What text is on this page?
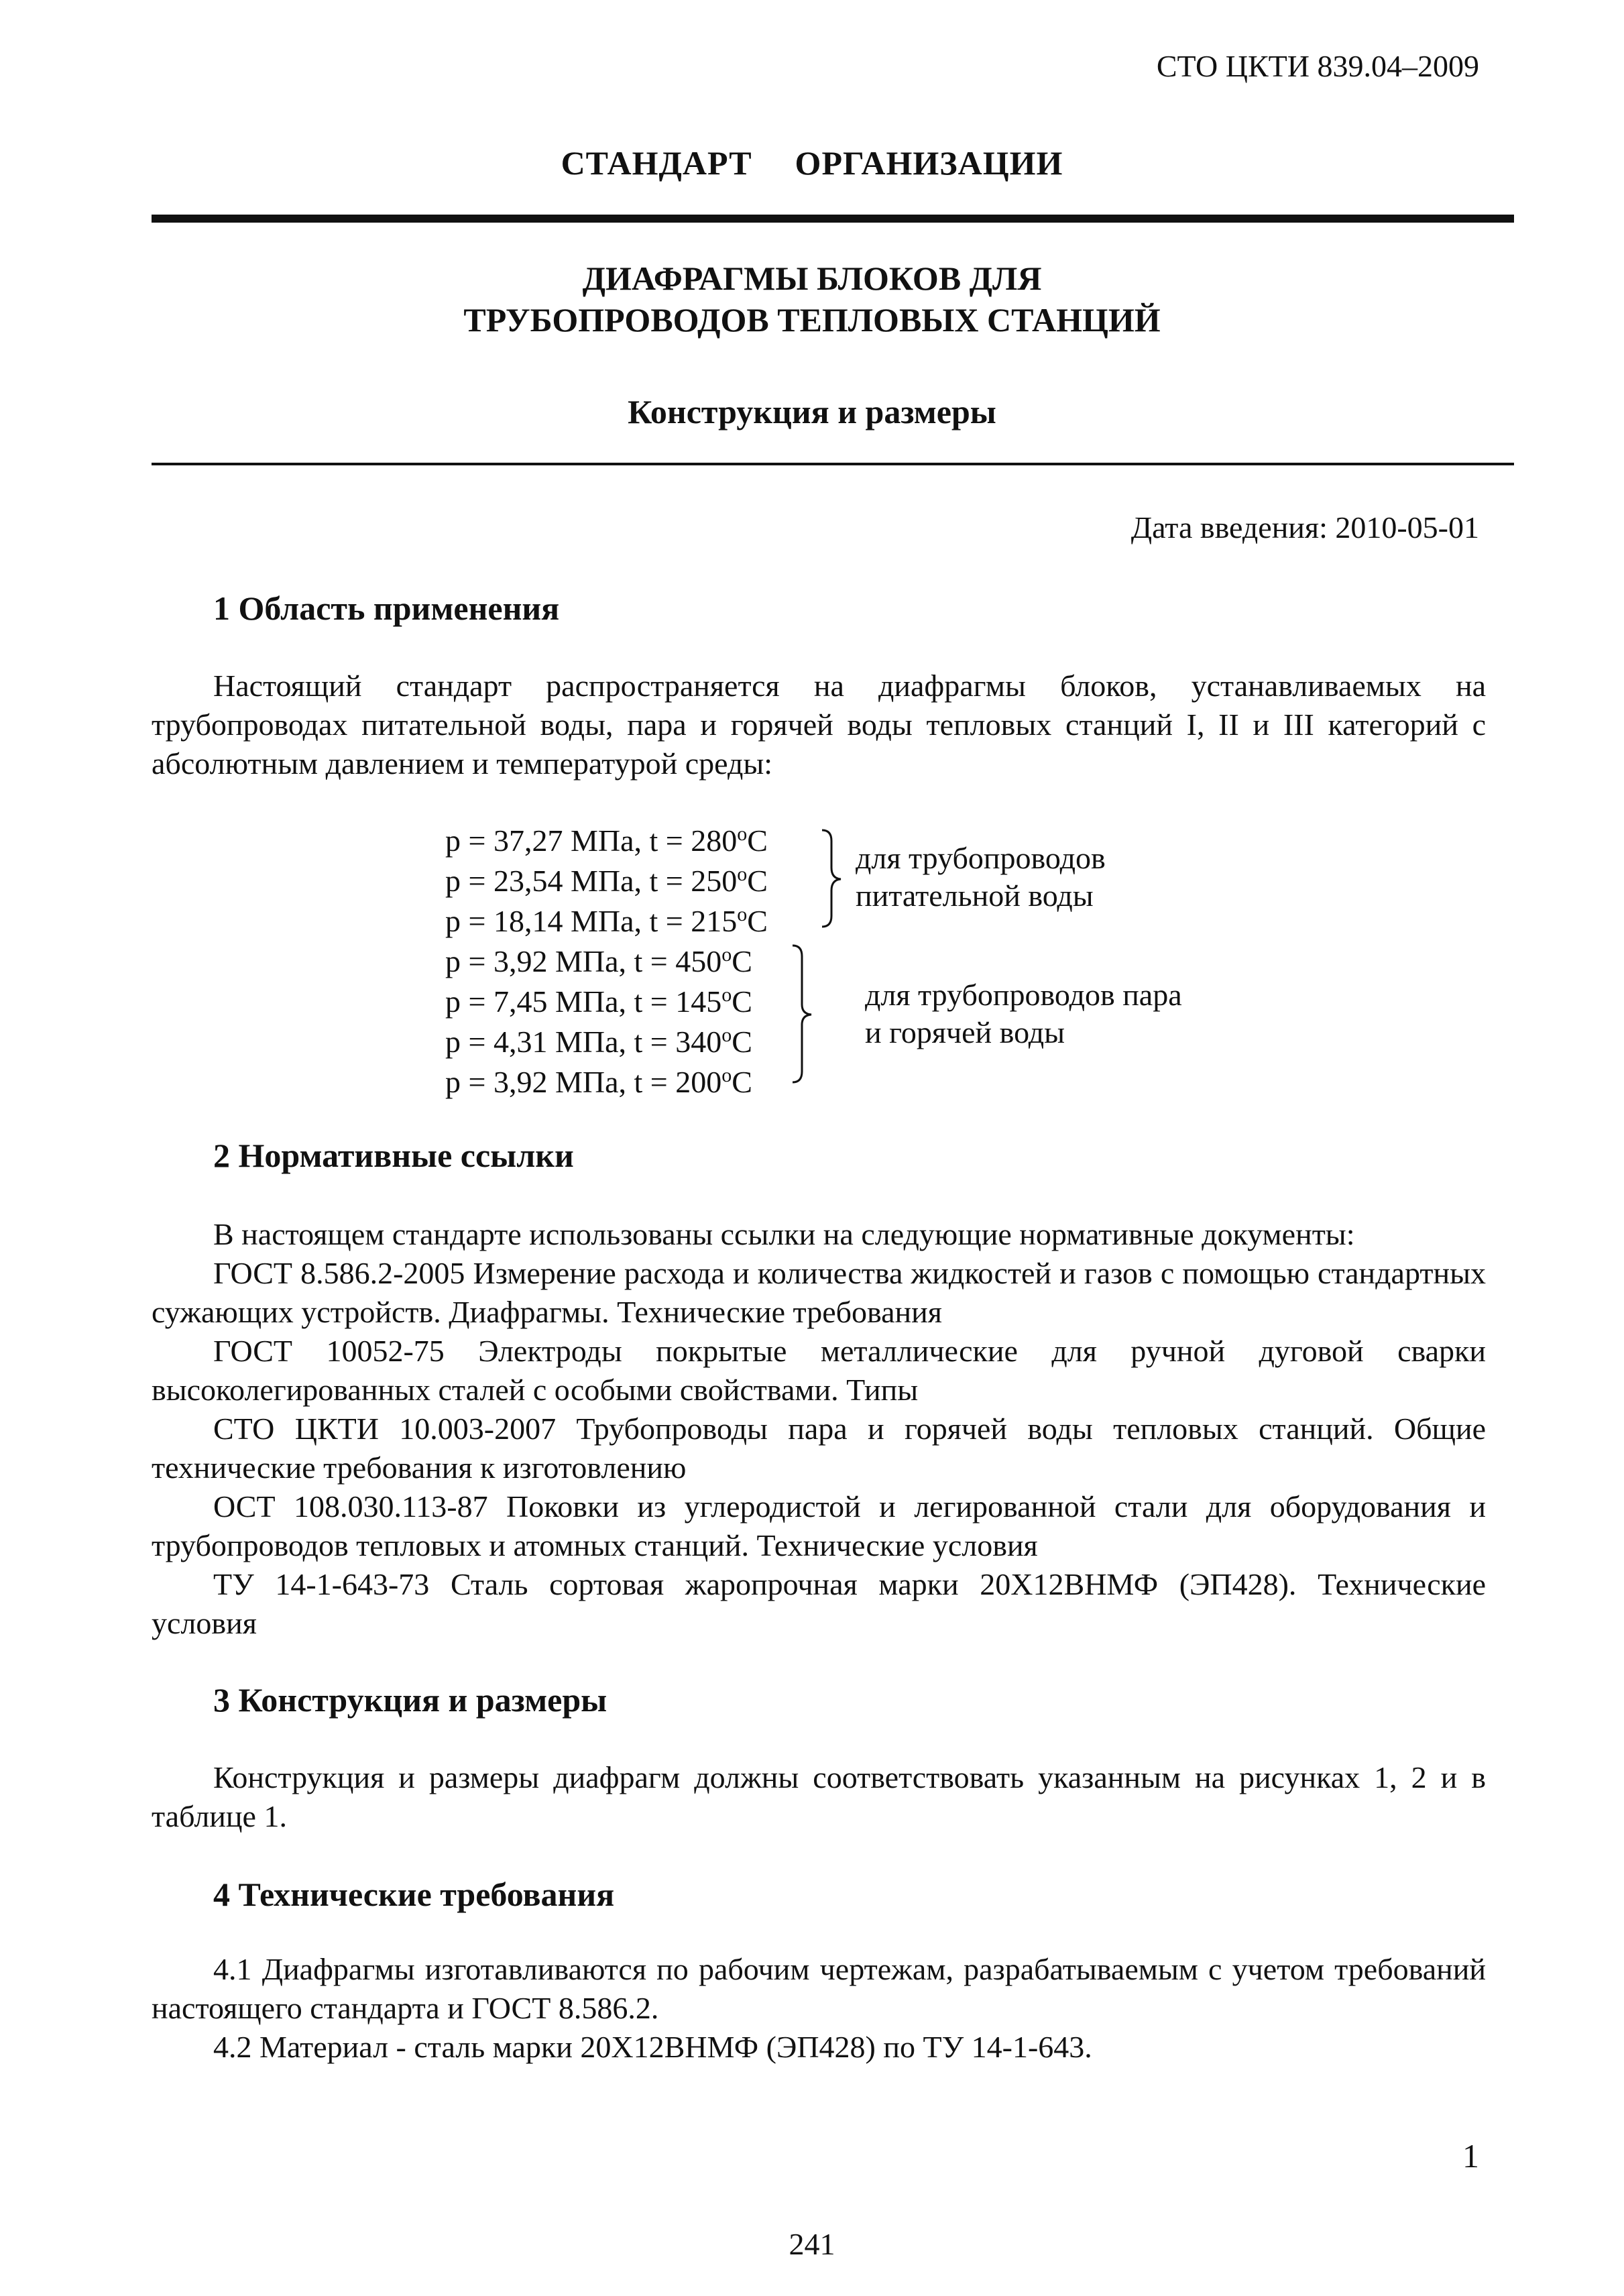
СТО ЦКТИ 839.04–2009
СТАНДАРТ ОРГАНИЗАЦИИ
ДИАФРАГМЫ БЛОКОВ ДЛЯ
ТРУБОПРОВОДОВ ТЕПЛОВЫХ СТАНЦИЙ
Конструкция и размеры
Дата введения: 2010-05-01
1 Область применения

Настоящий стандарт распространяется на диафрагмы блоков, устанавливаемых на трубопроводах питательной воды, пара и горячей воды тепловых станций I, II и III категорий с абсолютным давлением и температурой среды:

p = 37,27 МПа, $t = 280^oC$
p = 23,54 МПа, $t = 250^oC$
p = 18,14 МПа, $t = 215^oC$
p = 3,92 МПа, $t = 450^oC$
p = 7,45 МПа, $t = 145^oC$
p = 4,31 МПа, $t = 340^oC$
p = 3,92 МПа, $t = 200^oC$
для трубопроводов
питательной воды
для трубопроводов пара
и горячей воды
2 Нормативные ссылки

В настоящем стандарте использованы ссылки на следующие нормативные документы:

ГОСТ 8.586.2-2005 Измерение расхода и количества жидкостей и газов с помощью стандартных сужающих устройств. Диафрагмы. Технические требования

ГОСТ 10052-75 Электроды покрытые металлические для ручной дуговой сварки высоколегированных сталей с особыми свойствами. Типы

СТО ЦКТИ 10.003-2007 Трубопроводы пара и горячей воды тепловых станций. Общие технические требования к изготовлению

ОСТ 108.030.113-87 Поковки из углеродистой и легированной стали для оборудования и трубопроводов тепловых и атомных станций. Технические условия

ТУ 14-1-643-73 Сталь сортовая жаропрочная марки 20Х12ВНМФ (ЭП428). Технические условия

3 Конструкция и размеры

Конструкция и размеры диафрагм должны соответствовать указанным на рисунках 1, 2 и в таблице 1.

4 Технические требования

4.1 Диафрагмы изготавливаются по рабочим чертежам, разрабатываемым с учетом требований настоящего стандарта и ГОСТ 8.586.2.

4.2 Материал - сталь марки 20Х12ВНМФ (ЭП428) по ТУ 14-1-643.

1
241
